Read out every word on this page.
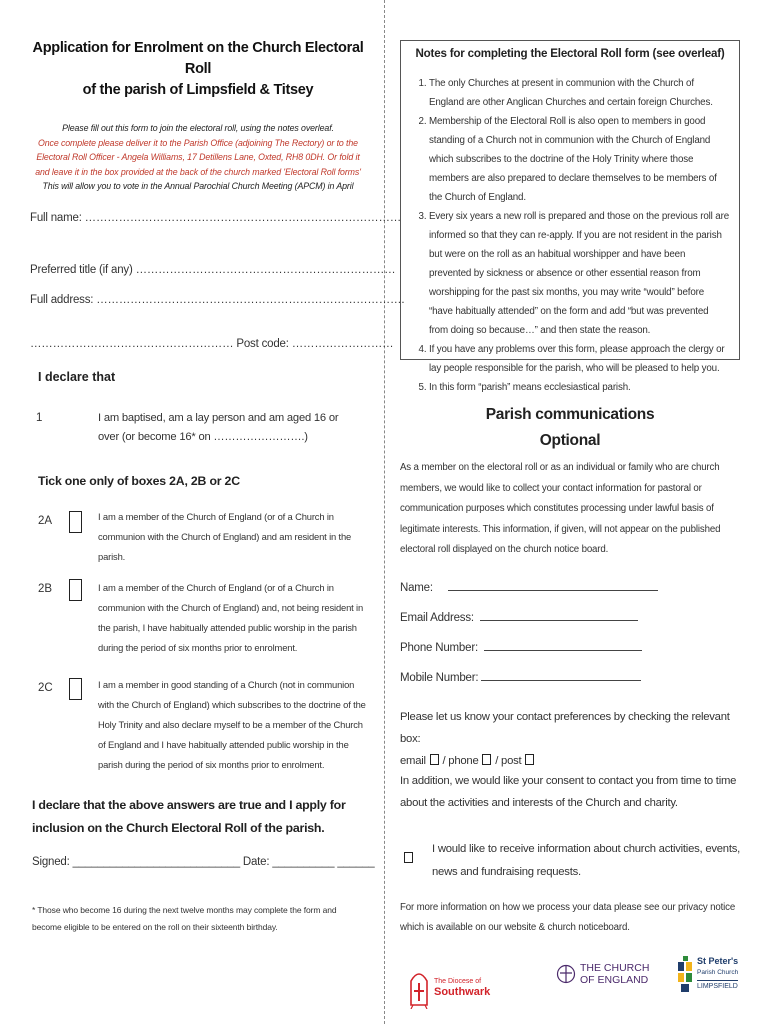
Application for Enrolment on the Church Electoral Roll
of the parish of Limpsfield & Titsey
Please fill out this form to join the electoral roll, using the notes overleaf.
Once complete please deliver it to the Parish Office (adjoining The Rectory) or to the Electoral Roll Officer - Angela Williams, 17 Detillens Lane, Oxted, RH8 0DH. Or fold it and leave it in the box provided at the back of the church marked 'Electoral Roll forms'
This will allow you to vote in the Annual Parochial Church Meeting (APCM) in April
Full name: …………………………………………………………………………
Preferred title (if any) ……………………………………………………………
Full address: ……………………………………………………………………….
……………………………………………… Post code: ………………………
I declare that
1	I am baptised, am a lay person and am aged 16 or over (or become 16* on …………………….)
Tick one only of boxes 2A, 2B or 2C
2A	I am a member of the Church of England (or of a Church in communion with the Church of England) and am resident in the parish.
2B	I am a member of the Church of England (or of a Church in communion with the Church of England) and, not being resident in the parish, I have habitually attended public worship in the parish during the period of six months prior to enrolment.
2C	I am a member in good standing of a Church (not in communion with the Church of England) which subscribes to the doctrine of the Holy Trinity and also declare myself to be a member of the Church of England and I have habitually attended public worship in the parish during the period of six months prior to enrolment.
I declare that the above answers are true and I apply for inclusion on the Church Electoral Roll of the parish.
Signed: ___________________________ Date: __________ ______
* Those who become 16 during the next twelve months may complete the form and become eligible to be entered on the roll on their sixteenth birthday.
Notes for completing the Electoral Roll form (see overleaf)
1. The only Churches at present in communion with the Church of England are other Anglican Churches and certain foreign Churches.
2. Membership of the Electoral Roll is also open to members in good standing of a Church not in communion with the Church of England which subscribes to the doctrine of the Holy Trinity where those members are also prepared to declare themselves to be members of the Church of England.
3. Every six years a new roll is prepared and those on the previous roll are informed so that they can re-apply. If you are not resident in the parish but were on the roll as an habitual worshipper and have been prevented by sickness or absence or other essential reason from worshipping for the past six months, you may write “would” before “have habitually attended” on the form and add “but was prevented from doing so because…” and then state the reason.
4. If you have any problems over this form, please approach the clergy or lay people responsible for the parish, who will be pleased to help you.
5. In this form “parish” means ecclesiastical parish.
Parish communications
Optional
As a member on the electoral roll or as an individual or family who are church members, we would like to collect your contact information for pastoral or communication purposes which constitutes processing under lawful basis of legitimate interests. This information, if given, will not appear on the published electoral roll displayed on the church notice board.
Name:
Email Address:
Phone Number:
Mobile Number:
Please let us know your contact preferences by checking the relevant box:
email / phone / post
In addition, we would like your consent to contact you from time to time about the activities and interests of the Church and charity.
I would like to receive information about church activities, events, news and fundraising requests.
For more information on how we process your data please see our privacy notice which is available on our website & church noticeboard.
The Diocese of
Southwark
THE CHURCH
OF ENGLAND
St Peter's
Parish Church
LIMPSFIELD
